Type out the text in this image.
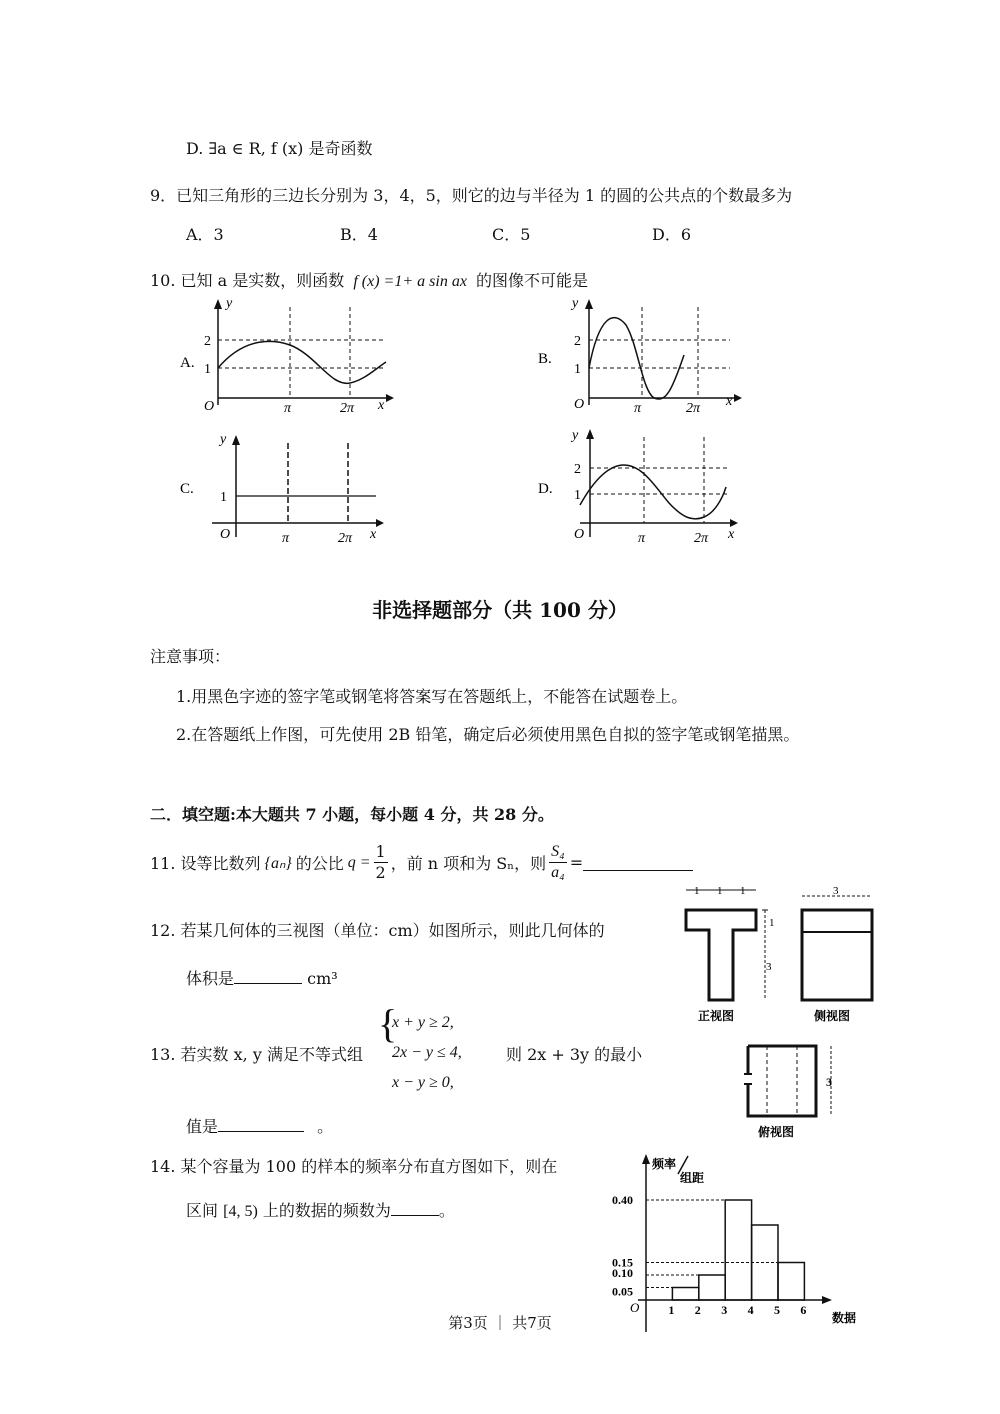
D. ∃a ∈ R, f (x) 是奇函数
9．已知三角形的三边长分别为 3，4，5，则它的边与半径为 1 的圆的公共点的个数最多为
A．3	B．4	C．5	D．6
10. 已知 a 是实数，则函数 f (x) =1+ a sin ax 的图像不可能是
A.
y
2
1
O	π	2π x
B.
y
2
1
O	π	2π x
C.
y
1
O	π	2π x
D.
y
2
1
O	π	2π x
非选择题部分（共 100 分）
注意事项：
1.用黑色字迹的签字笔或钢笔将答案写在答题纸上，不能答在试题卷上。
2.在答题纸上作图，可先使用 2B 铅笔，确定后必须使用黑色自拟的签字笔或钢笔描黑。
二．填空题:本大题共 7 小题，每小题 4 分，共 28 分。
11. 设等比数列 {aₙ} 的公比 $q = \frac{1}{2}$ ，前 n 项和为 Sₙ，则 $\frac{\text{S₄}}{\text{a₄}}$ =
12. 若某几何体的三视图（单位：cm）如图所示，则此几何体的
体积是	cm³
1 1 1
1
3
正视图
3
侧视图
13. 若实数 x, y 满足不等式组
{
x + y ≥ 2,
2x − y ≤ 4,
x − y ≥ 0,
则 2x + 3y 的最小
值是	。
3
俯视图
14. 某个容量为 100 的样本的频率分布直方图如下，则在
区间 [4, 5) 上的数据的频数为	。
频率
组距
O
数据
0.40
0.15
0.10
0.05
1 2 3 4 5 6
第3页 ｜ 共7页
